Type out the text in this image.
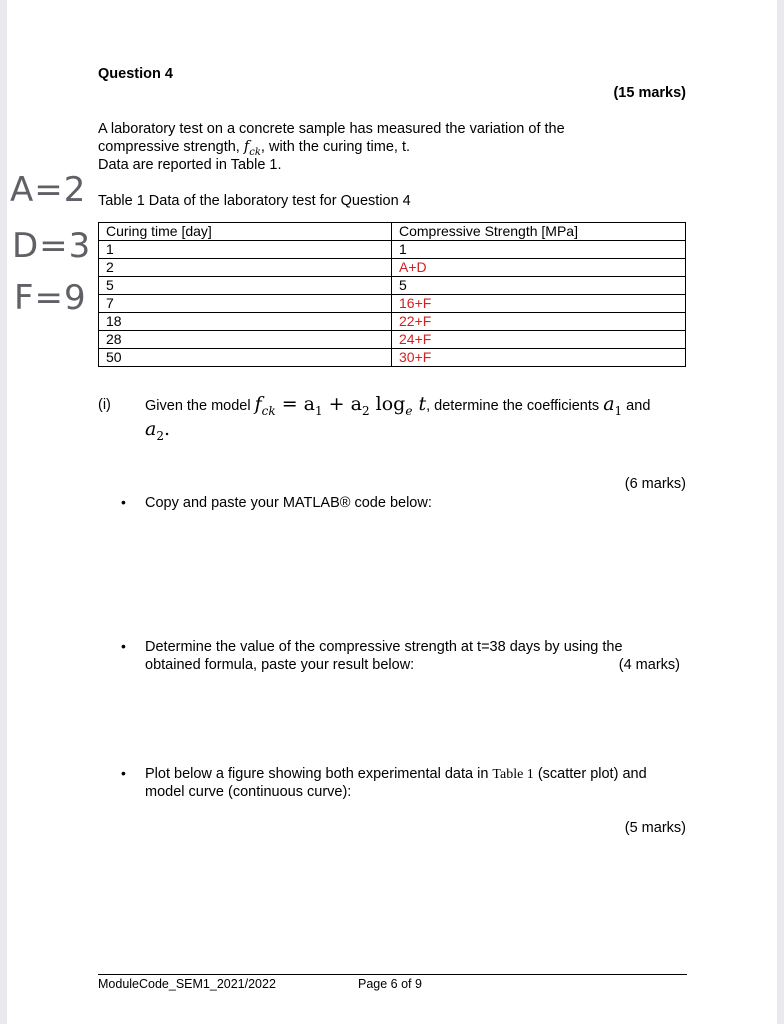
A=2
D=3
F=9
Question 4
(15 marks)
A laboratory test on a concrete sample has measured the variation of the
compressive strength, $f_{ck}$, with the curing time, t.
Data are reported in Table 1.
Table 1 Data of the laboratory test for Question 4
Curing time [day]	Compressive Strength [MPa]
1	1
2	A+D
5	5
7	16+F
18	22+F
28	24+F
50	30+F
(i) Given the model $f_{ck} = a_1 + a_2$ $\log_e t$, determine the coefficients $a_1$ and
$a_2$.
(6 marks)
• Copy and paste your MATLAB® code below:
• Determine the value of the compressive strength at t=38 days by using the
obtained formula, paste your result below:	(4 marks)
• Plot below a figure showing both experimental data in Table 1 (scatter plot) and
model curve (continuous curve):
(5 marks)
ModuleCode_SEM1_2021/2022	Page 6 of 9
